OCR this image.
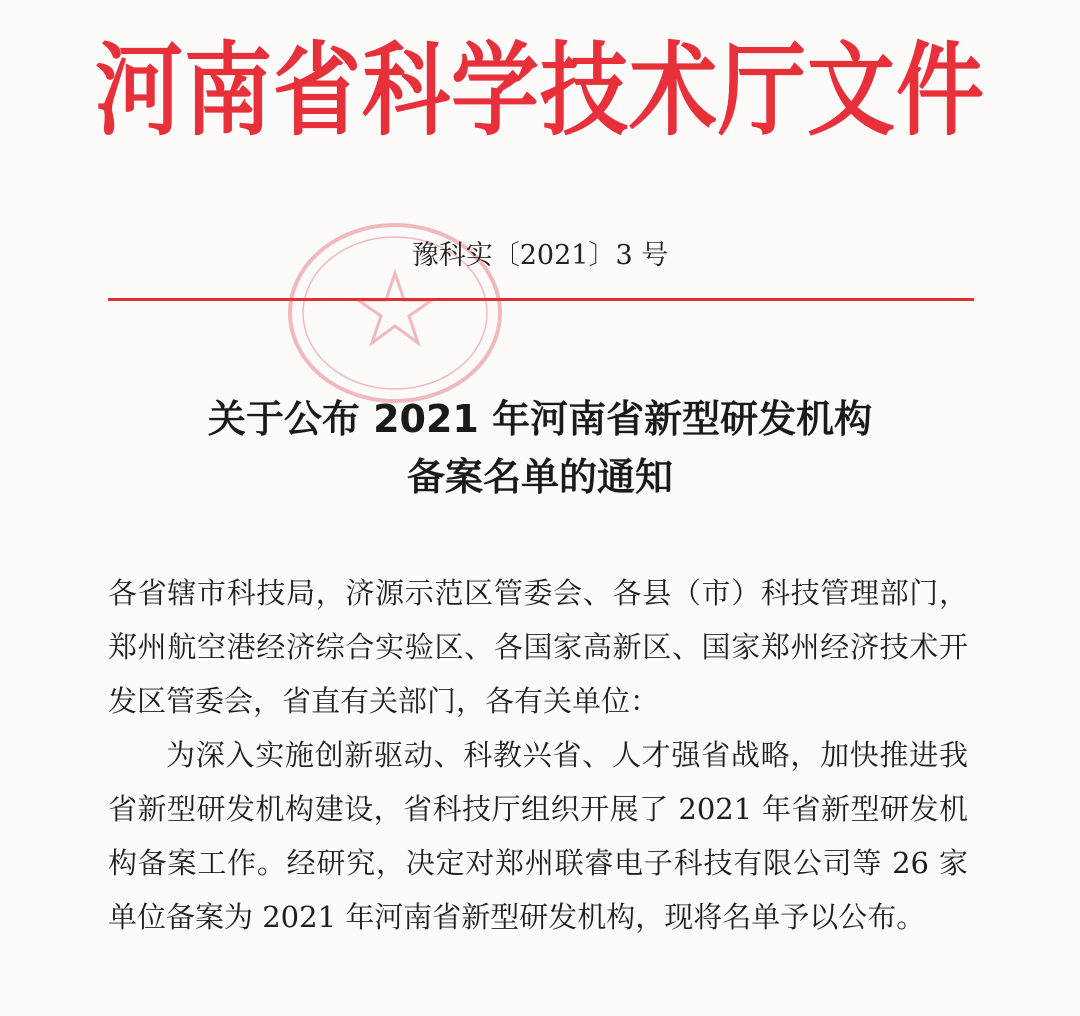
河南省科学技术厅文件
豫科实〔2021〕3 号
关于公布 2021 年河南省新型研发机构
备案名单的通知

各省辖市科技局，济源示范区管委会、各县（市）科技管理部门，郑州航空港经济综合实验区、各国家高新区、国家郑州经济技术开发区管委会，省直有关部门，各有关单位：

为深入实施创新驱动、科教兴省、人才强省战略，加快推进我省新型研发机构建设，省科技厅组织开展了 2021 年省新型研发机构备案工作。经研究，决定对郑州联睿电子科技有限公司等 26 家单位备案为 2021 年河南省新型研发机构，现将名单予以公布。
